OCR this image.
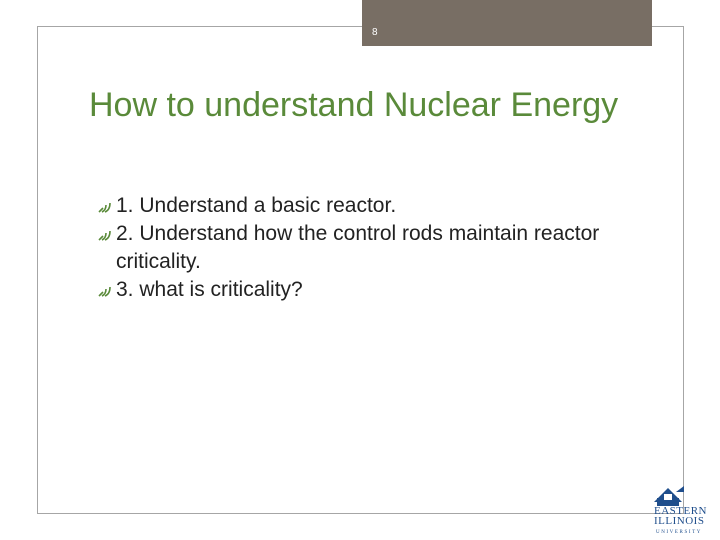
8
How to understand Nuclear Energy
1. Understand a basic reactor.
2. Understand how the control rods maintain reactor criticality.
3. what is criticality?
EASTERN
ILLINOIS
UNIVERSITY
